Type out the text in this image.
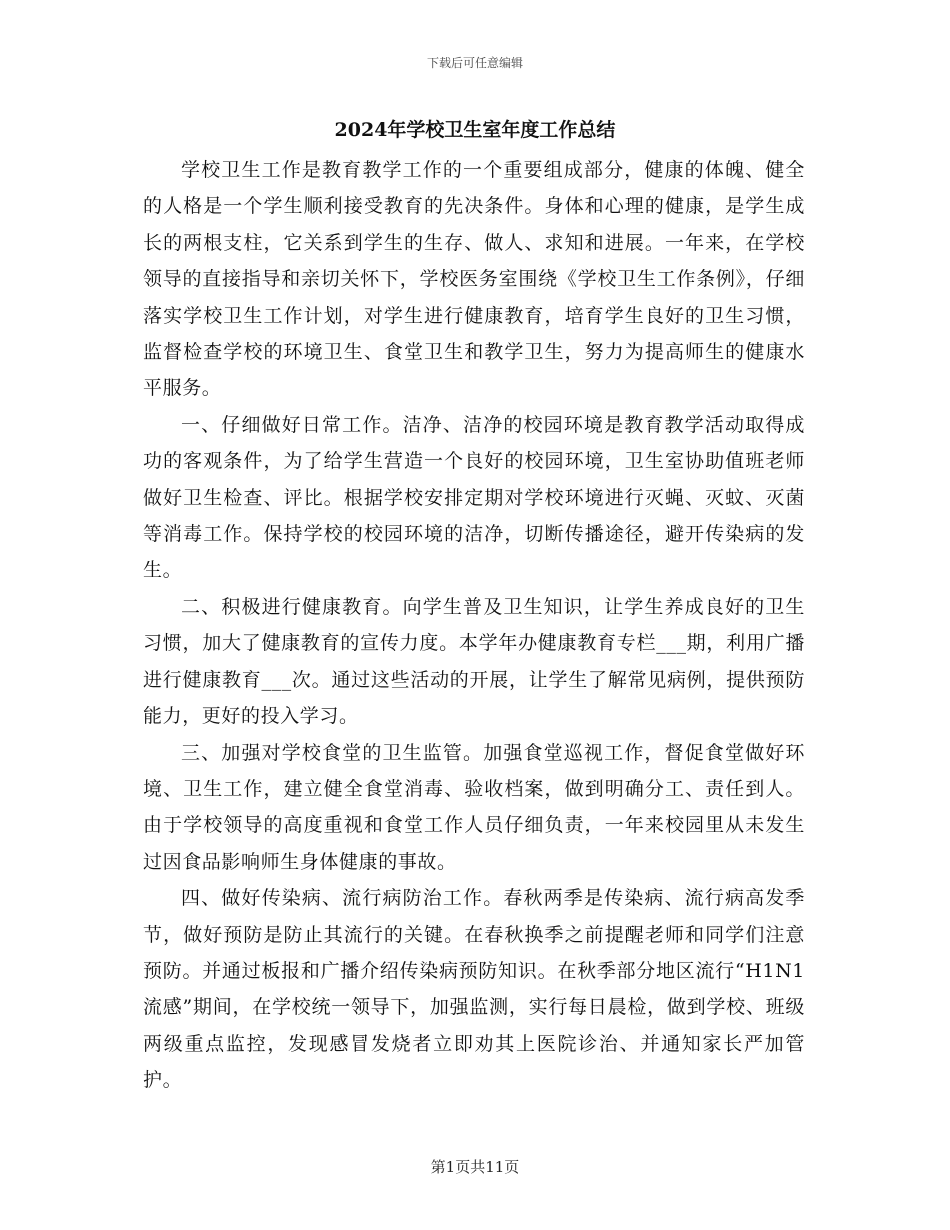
下载后可任意编辑
2024年学校卫生室年度工作总结

学校卫生工作是教育教学工作的一个重要组成部分，健康的体魄、健全的人格是一个学生顺利接受教育的先决条件。身体和心理的健康，是学生成长的两根支柱，它关系到学生的生存、做人、求知和进展。一年来，在学校领导的直接指导和亲切关怀下，学校医务室围绕《学校卫生工作条例》，仔细落实学校卫生工作计划，对学生进行健康教育，培育学生良好的卫生习惯，监督检查学校的环境卫生、食堂卫生和教学卫生，努力为提高师生的健康水平服务。

一、仔细做好日常工作。洁净、洁净的校园环境是教育教学活动取得成功的客观条件，为了给学生营造一个良好的校园环境，卫生室协助值班老师做好卫生检查、评比。根据学校安排定期对学校环境进行灭蝇、灭蚊、灭菌等消毒工作。保持学校的校园环境的洁净，切断传播途径，避开传染病的发生。

二、积极进行健康教育。向学生普及卫生知识，让学生养成良好的卫生习惯，加大了健康教育的宣传力度。本学年办健康教育专栏___期，利用广播进行健康教育___次。通过这些活动的开展，让学生了解常见病例，提供预防能力，更好的投入学习。

三、加强对学校食堂的卫生监管。加强食堂巡视工作，督促食堂做好环境、卫生工作，建立健全食堂消毒、验收档案，做到明确分工、责任到人。由于学校领导的高度重视和食堂工作人员仔细负责，一年来校园里从未发生过因食品影响师生身体健康的事故。

四、做好传染病、流行病防治工作。春秋两季是传染病、流行病高发季节，做好预防是防止其流行的关键。在春秋换季之前提醒老师和同学们注意预防。并通过板报和广播介绍传染病预防知识。在秋季部分地区流行“H1N1流感”期间，在学校统一领导下，加强监测，实行每日晨检，做到学校、班级两级重点监控，发现感冒发烧者立即劝其上医院诊治、并通知家长严加管护。

第1页共11页
